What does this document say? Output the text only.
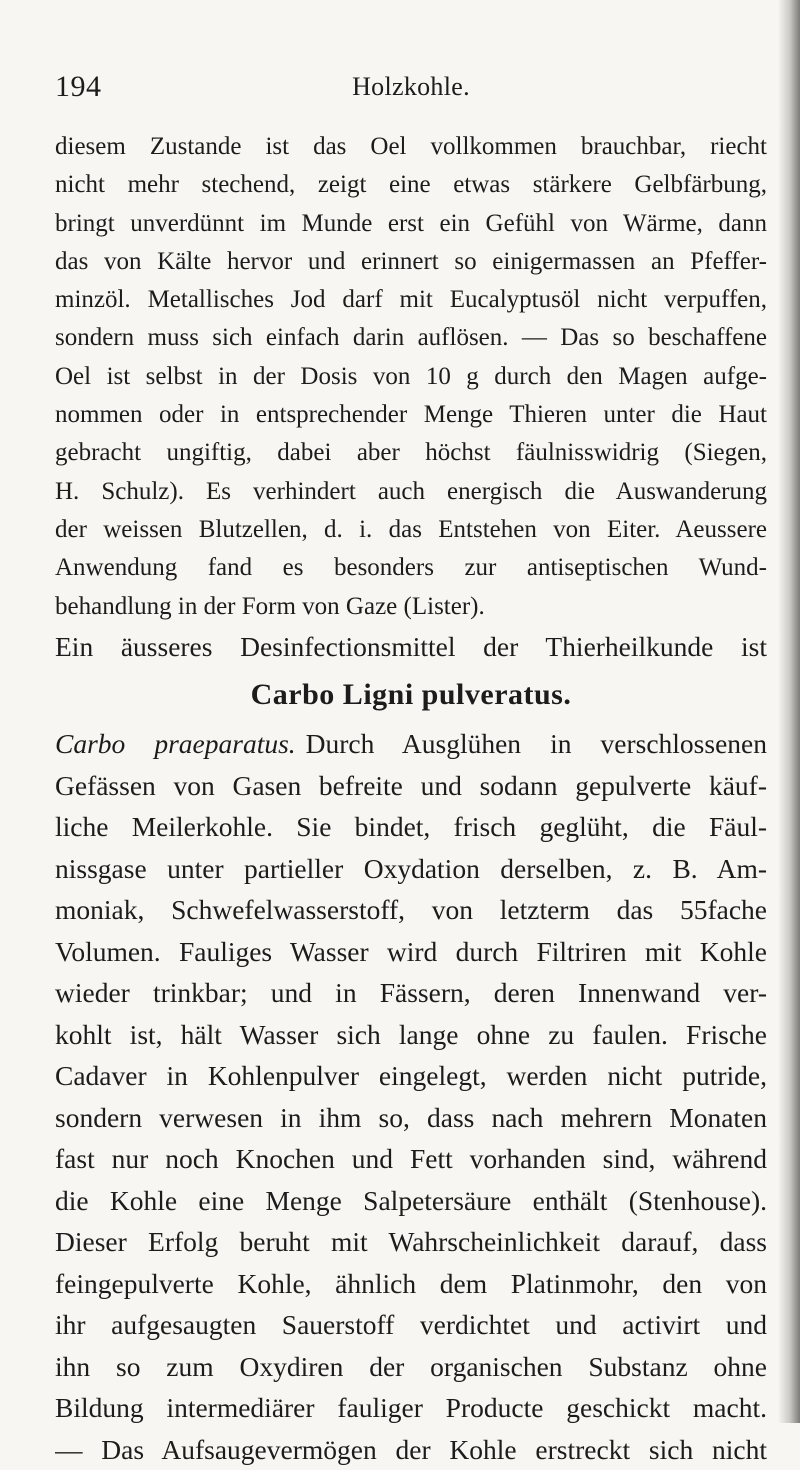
194	Holzkohle.
diesem Zustande ist das Oel vollkommen brauchbar, riecht
nicht mehr stechend, zeigt eine etwas stärkere Gelbfärbung,
bringt unverdünnt im Munde erst ein Gefühl von Wärme, dann
das von Kälte hervor und erinnert so einigermassen an Pfeffer-
minzöl. Metallisches Jod darf mit Eucalyptusöl nicht verpuffen,
sondern muss sich einfach darin auflösen. — Das so beschaffene
Oel ist selbst in der Dosis von 10 g durch den Magen aufge-
nommen oder in entsprechender Menge Thieren unter die Haut
gebracht ungiftig, dabei aber höchst fäulnisswidrig (Siegen,
H. Schulz). Es verhindert auch energisch die Auswanderung
der weissen Blutzellen, d. i. das Entstehen von Eiter. Aeussere
Anwendung fand es besonders zur antiseptischen Wund-
behandlung in der Form von Gaze (Lister).
Ein äusseres Desinfectionsmittel der Thierheilkunde ist
Carbo Ligni pulveratus.
Carbo praeparatus. Durch Ausglühen in verschlossenen
Gefässen von Gasen befreite und sodann gepulverte käuf-
liche Meilerkohle. Sie bindet, frisch geglüht, die Fäul-
nissgase unter partieller Oxydation derselben, z. B. Am-
moniak, Schwefelwasserstoff, von letzterm das 55fache
Volumen. Fauliges Wasser wird durch Filtriren mit Kohle
wieder trinkbar; und in Fässern, deren Innenwand ver-
kohlt ist, hält Wasser sich lange ohne zu faulen. Frische
Cadaver in Kohlenpulver eingelegt, werden nicht putride,
sondern verwesen in ihm so, dass nach mehrern Monaten
fast nur noch Knochen und Fett vorhanden sind, während
die Kohle eine Menge Salpetersäure enthält (Stenhouse).
Dieser Erfolg beruht mit Wahrscheinlichkeit darauf, dass
feingepulverte Kohle, ähnlich dem Platinmohr, den von
ihr aufgesaugten Sauerstoff verdichtet und activirt und
ihn so zum Oxydiren der organischen Substanz ohne
Bildung intermediärer fauliger Producte geschickt macht.
— Das Aufsaugevermögen der Kohle erstreckt sich nicht
